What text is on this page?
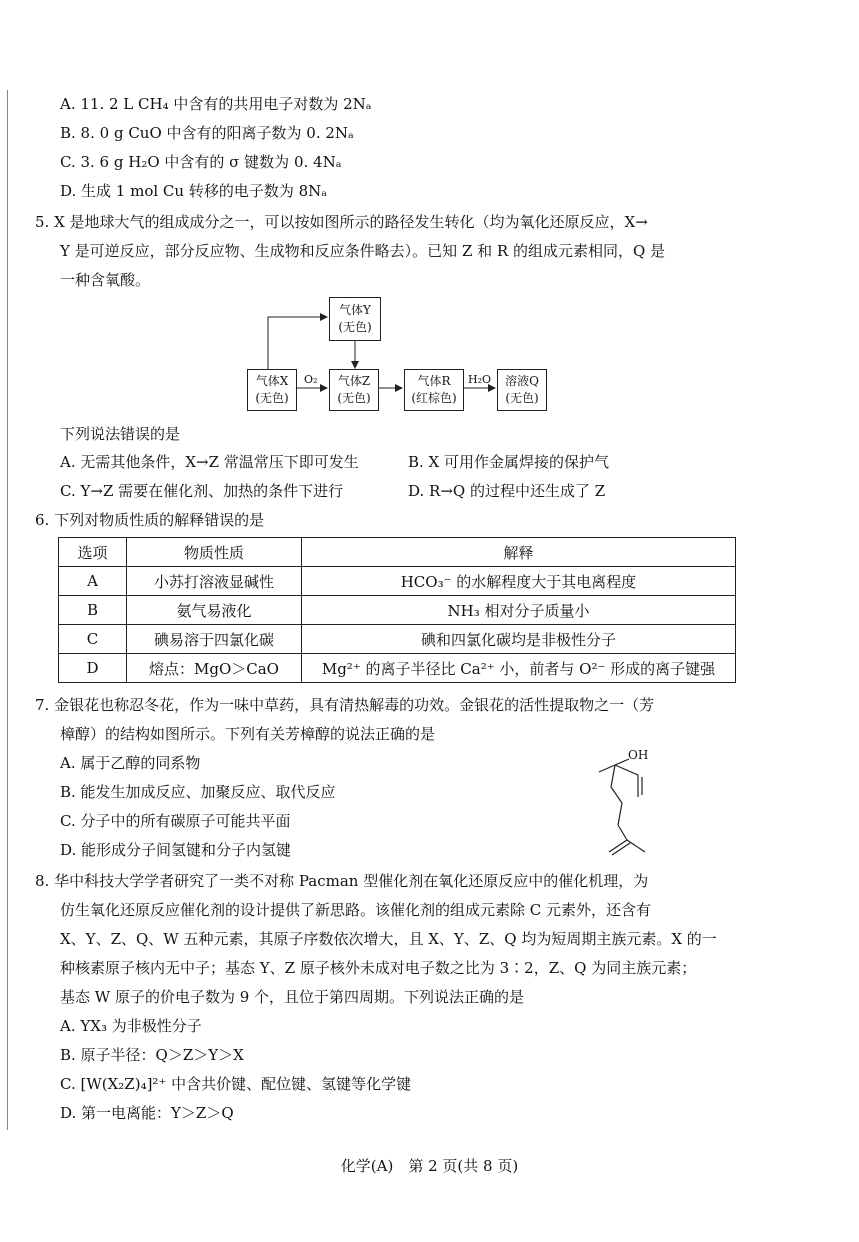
A. 11. 2 L CH₄ 中含有的共用电子对数为 2Nₐ
B. 8. 0 g CuO 中含有的阳离子数为 0. 2Nₐ
C. 3. 6 g H₂O 中含有的 σ 键数为 0. 4Nₐ
D. 生成 1 mol Cu 转移的电子数为 8Nₐ
5. X 是地球大气的组成成分之一，可以按如图所示的路径发生转化（均为氧化还原反应，X→
Y 是可逆反应，部分反应物、生成物和反应条件略去）。已知 Z 和 R 的组成元素相同，Q 是
一种含氧酸。
气体Y
(无色)
气体X
(无色)
气体Z
(无色)
气体R
(红棕色)
溶液Q
(无色)
O₂	H₂O
下列说法错误的是
A. 无需其他条件，X→Z 常温常压下即可发生	B. X 可用作金属焊接的保护气
C. Y→Z 需要在催化剂、加热的条件下进行	D. R→Q 的过程中还生成了 Z
6. 下列对物质性质的解释错误的是
选项	物质性质	解释
A	小苏打溶液显碱性	HCO₃⁻ 的水解程度大于其电离程度
B	氨气易液化	NH₃ 相对分子质量小
C	碘易溶于四氯化碳	碘和四氯化碳均是非极性分子
D	熔点：MgO＞CaO	Mg²⁺ 的离子半径比 Ca²⁺ 小，前者与 O²⁻ 形成的离子键强
7. 金银花也称忍冬花，作为一味中草药，具有清热解毒的功效。金银花的活性提取物之一（芳
樟醇）的结构如图所示。下列有关芳樟醇的说法正确的是
A. 属于乙醇的同系物
B. 能发生加成反应、加聚反应、取代反应
C. 分子中的所有碳原子可能共平面
D. 能形成分子间氢键和分子内氢键
OH
8. 华中科技大学学者研究了一类不对称 Pacman 型催化剂在氧化还原反应中的催化机理，为
仿生氧化还原反应催化剂的设计提供了新思路。该催化剂的组成元素除 C 元素外，还含有
X、Y、Z、Q、W 五种元素，其原子序数依次增大，且 X、Y、Z、Q 均为短周期主族元素。X 的一
种核素原子核内无中子；基态 Y、Z 原子核外未成对电子数之比为 3∶2，Z、Q 为同主族元素；
基态 W 原子的价电子数为 9 个，且位于第四周期。下列说法正确的是
A. YX₃ 为非极性分子
B. 原子半径：Q＞Z＞Y＞X
C. [W(X₂Z)₄]²⁺ 中含共价键、配位键、氢键等化学键
D. 第一电离能：Y＞Z＞Q
化学(A)　第 2 页(共 8 页)
